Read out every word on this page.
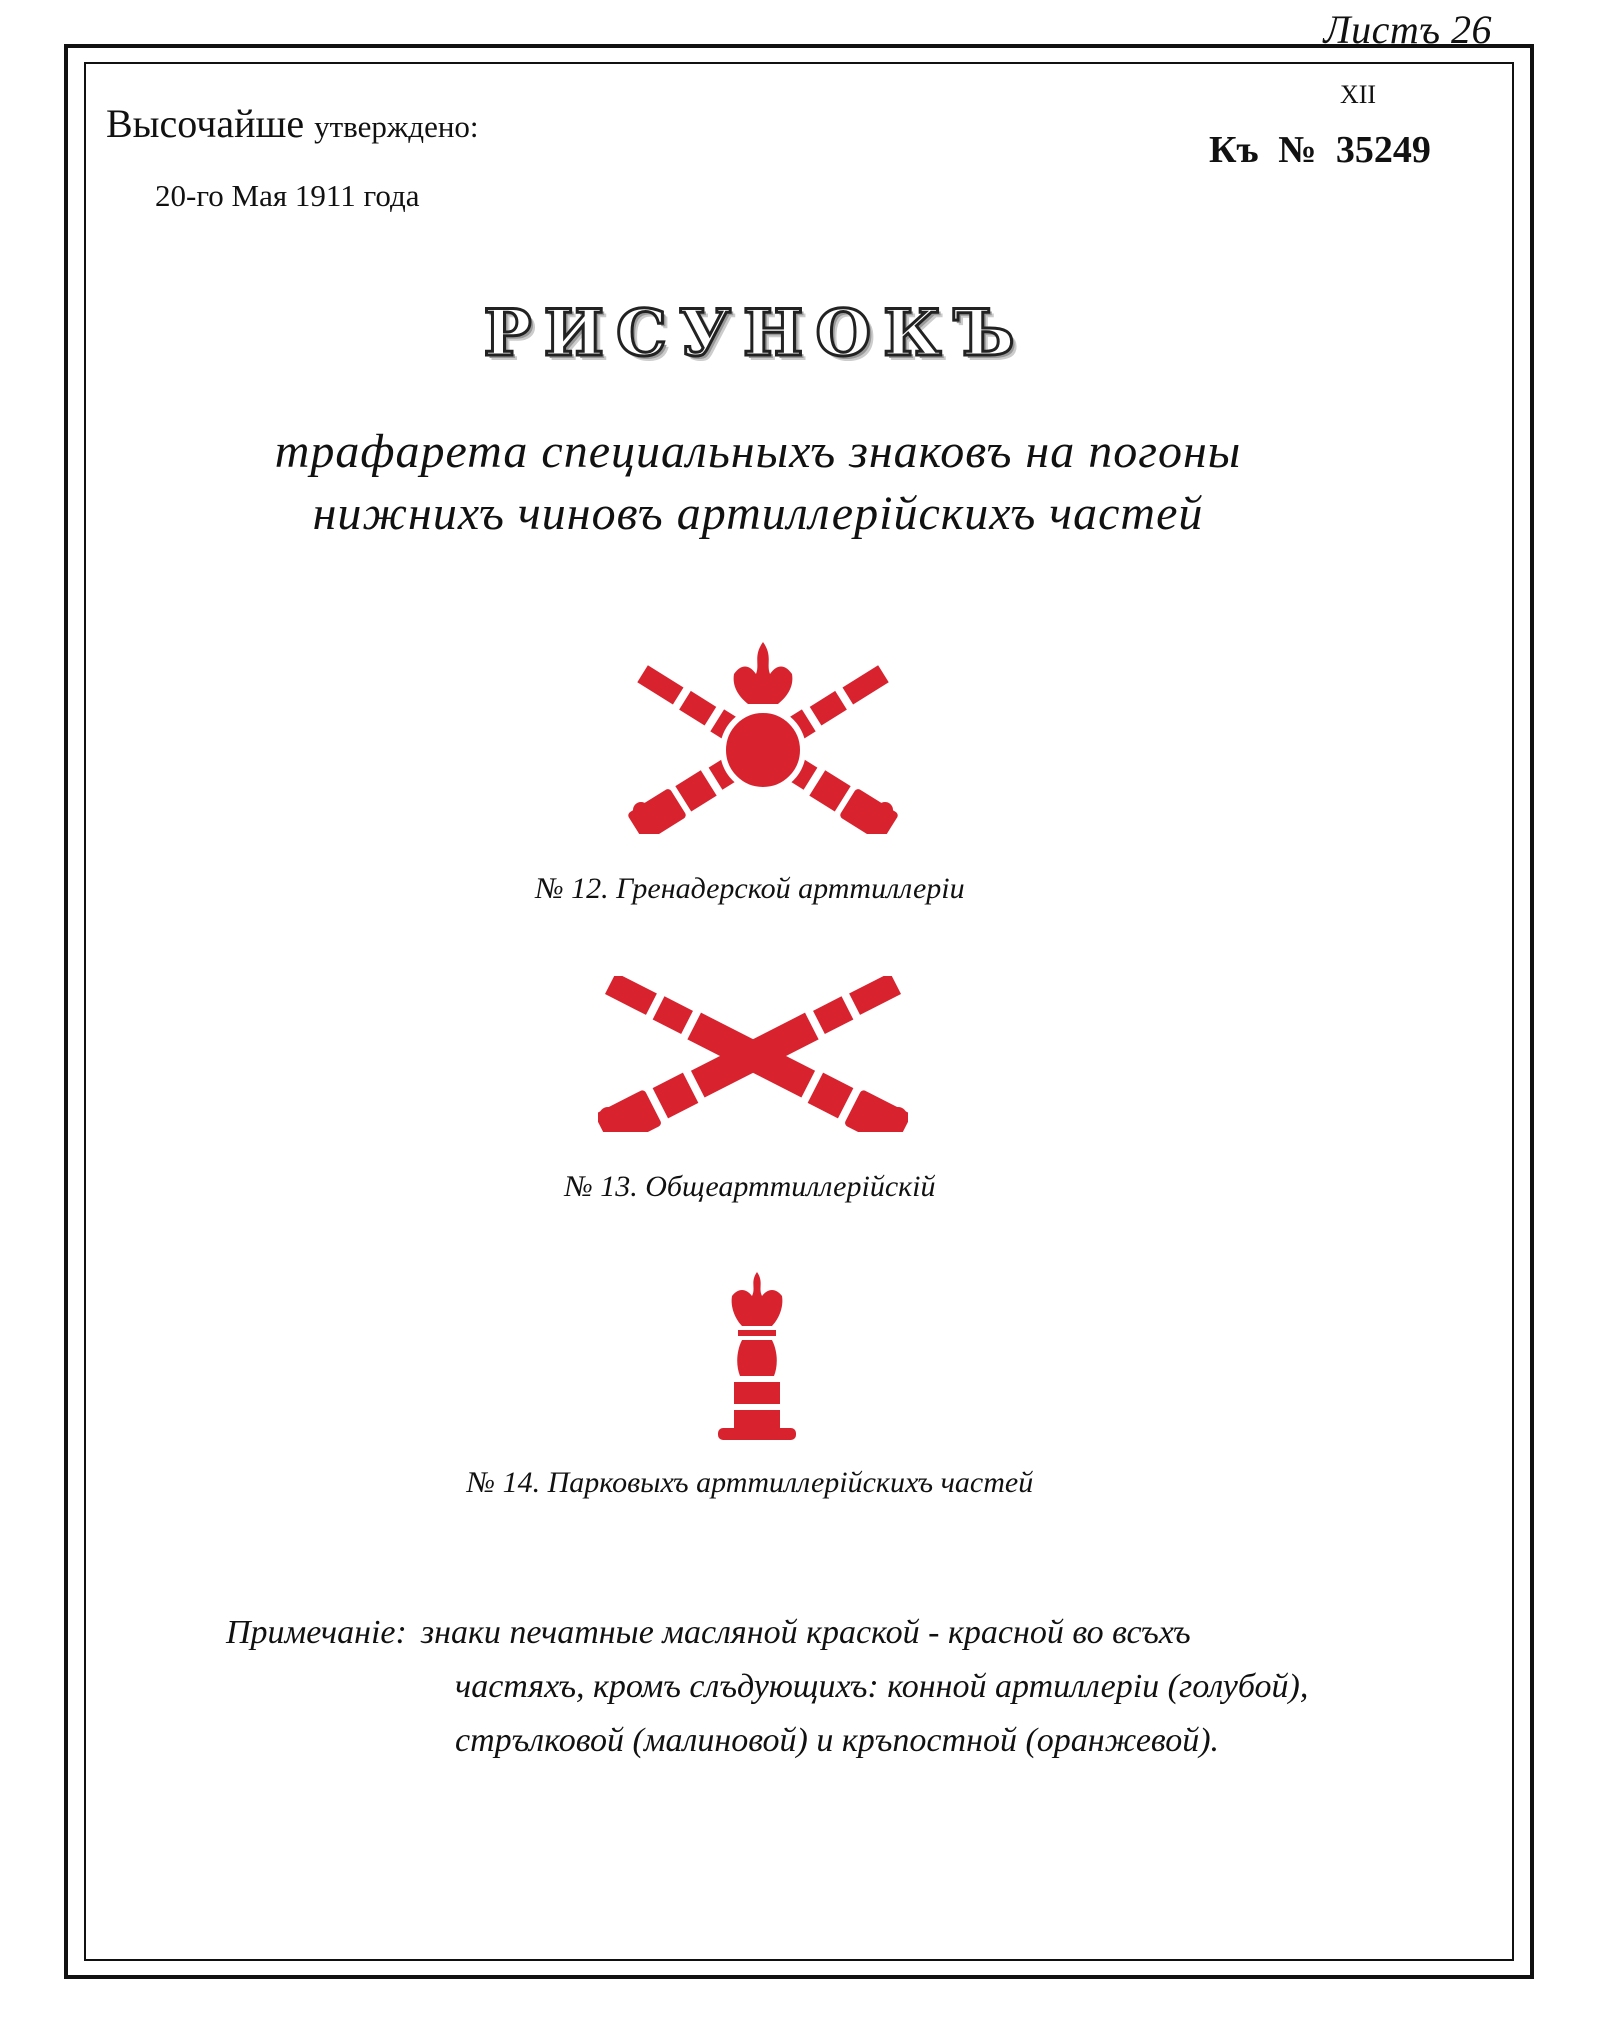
Листъ 26
Высочайше утверждено:
20-го Мая 1911 года
XII
Къ № 35249
РИСУНОКЪ
трафарета специальныхъ знаковъ на погоны
нижнихъ чиновъ артиллерiйскихъ частей
№ 12. Гренадерской арттиллерiи
№ 13. Общеарттиллерiйскiй
№ 14. Парковыхъ арттиллерiйскихъ частей
Примечанiе: знаки печатные масляной краской - красной во всъхъ
частяхъ, кромъ слъдующихъ: конной артиллерiи (голубой),
стрълковой (малиновой) и кръпостной (оранжевой).
